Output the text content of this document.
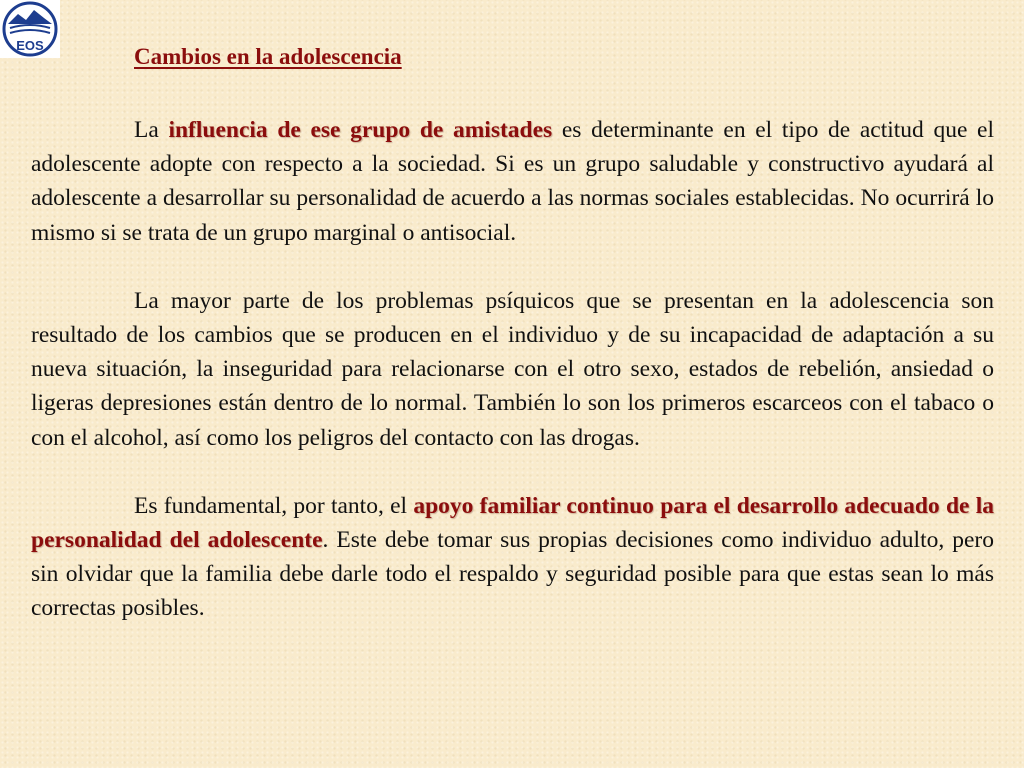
EOS	Cambios en la adolescencia

La influencia de ese grupo de amistades es determinante en el tipo de actitud que el adolescente adopte con respecto a la sociedad. Si es un grupo saludable y constructivo ayudará al adolescente a desarrollar su personalidad de acuerdo a las normas sociales establecidas. No ocurrirá lo mismo si se trata de un grupo marginal o antisocial.

La mayor parte de los problemas psíquicos que se presentan en la adolescencia son resultado de los cambios que se producen en el individuo y de su incapacidad de adaptación a su nueva situación, la inseguridad para relacionarse con el otro sexo, estados de rebelión, ansiedad o ligeras depresiones están dentro de lo normal. También lo son los primeros escarceos con el tabaco o con el alcohol, así como los peligros del contacto con las drogas.

Es fundamental, por tanto, el apoyo familiar continuo para el desarrollo adecuado de la personalidad del adolescente. Este debe tomar sus propias decisiones como individuo adulto, pero sin olvidar que la familia debe darle todo el respaldo y seguridad posible para que estas sean lo más correctas posibles.
